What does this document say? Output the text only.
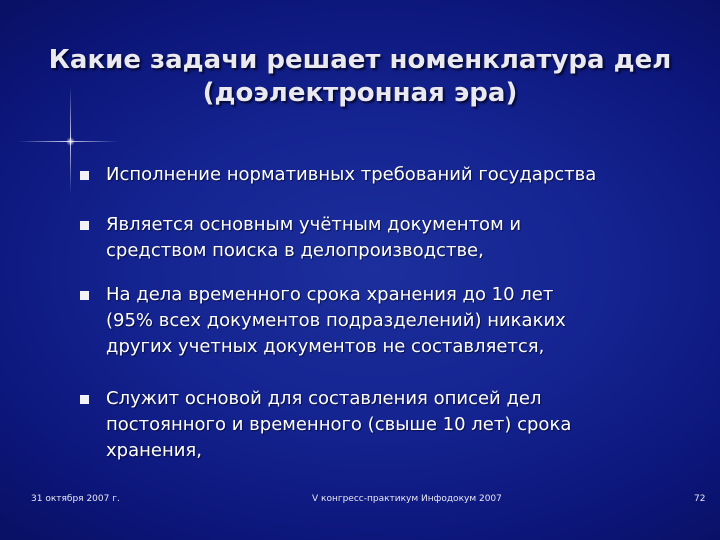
Какие задачи решает номенклатура дел
(доэлектронная эра)
Исполнение нормативных требований государства
Является основным учётным документом и
средством поиска в делопроизводстве,
На дела временного срока хранения до 10 лет
(95% всех документов подразделений) никаких
других учетных документов не составляется,
Служит основой для составления описей дел
постоянного и временного (свыше 10 лет) срока
хранения,
31 октября 2007 г.	V конгресс-практикум Инфодокум 2007	72
